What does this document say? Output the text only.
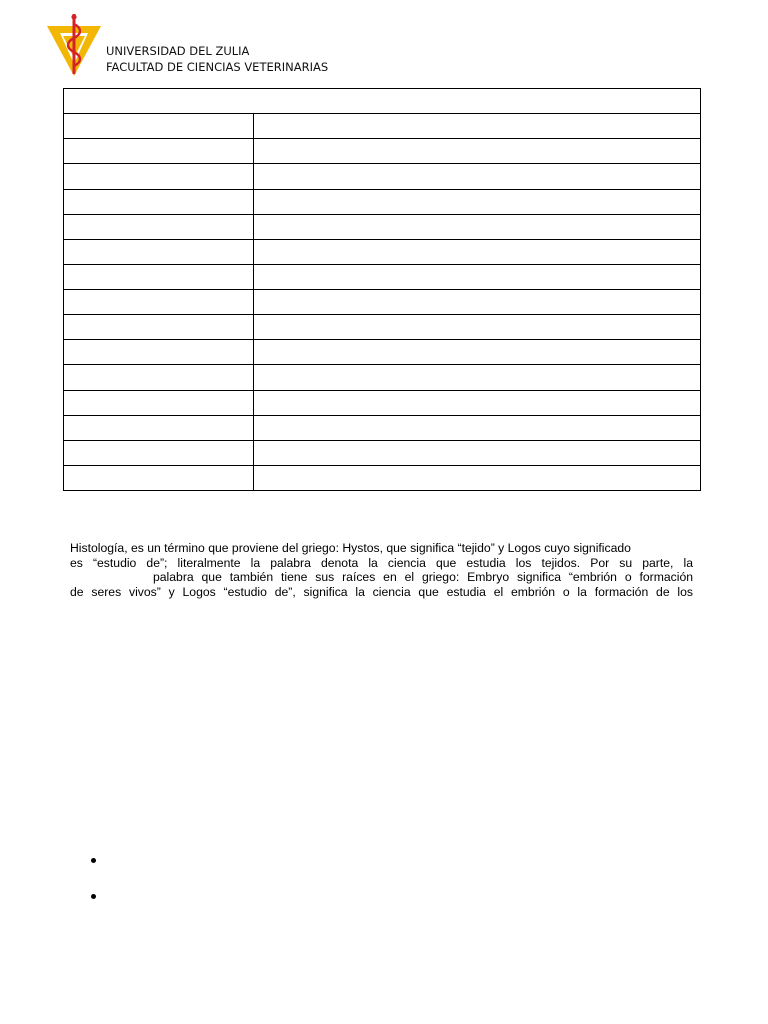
UNIVERSIDAD DEL ZULIA
FACULTAD DE CIENCIAS VETERINARIAS

Histología, es un término que proviene del griego: Hystos, que significa “tejido” y Logos cuyo significado
es “estudio de”; literalmente la palabra denota la ciencia que estudia los tejidos. Por su parte, la
palabra que también tiene sus raíces en el griego: Embryo significa “embrión o formación
de seres vivos” y Logos “estudio de”, significa la ciencia que estudia el embrión o la formación de los
